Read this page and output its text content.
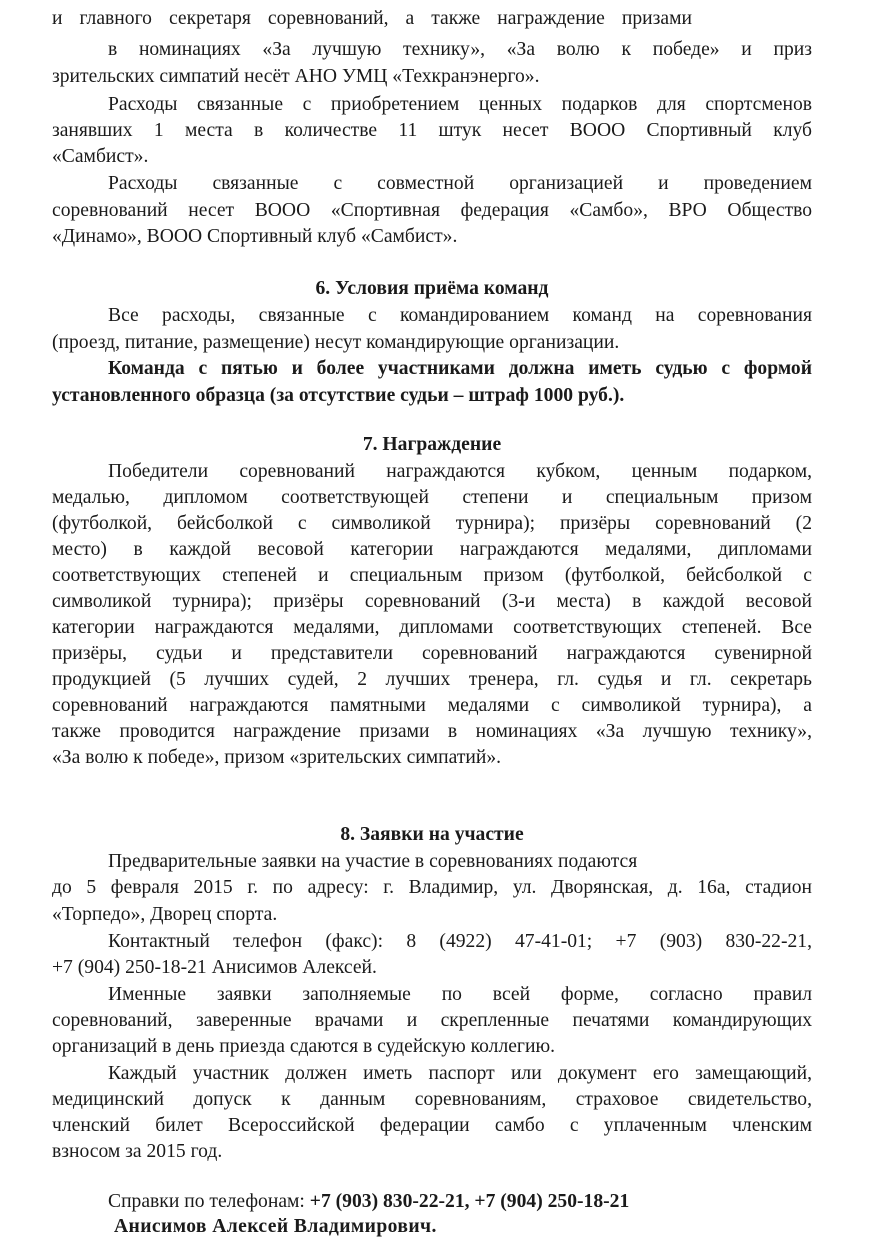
и главного секретаря соревнований, а также награждение призами
в номинациях «За лучшую технику», «За волю к победе» и приз
зрительских симпатий несёт АНО УМЦ «Техкранэнерго».
Расходы связанные с приобретением ценных подарков для спортсменов
занявших 1 места в количестве 11 штук несет ВООО Спортивный клуб
«Самбист».
Расходы связанные с совместной организацией и проведением
соревнований несет ВООО «Спортивная федерация «Самбо», ВРО Общество
«Динамо», ВООО Спортивный клуб «Самбист».
6. Условия приёма команд
Все расходы, связанные с командированием команд на соревнования
(проезд, питание, размещение) несут командирующие организации.
Команда с пятью и более участниками должна иметь судью с формой
установленного образца (за отсутствие судьи – штраф 1000 руб.).
7. Награждение
Победители соревнований награждаются кубком, ценным подарком,
медалью, дипломом соответствующей степени и специальным призом
(футболкой, бейсболкой с символикой турнира); призёры соревнований (2
место) в каждой весовой категории награждаются медалями, дипломами
соответствующих степеней и специальным призом (футболкой, бейсболкой с
символикой турнира); призёры соревнований (3-и места) в каждой весовой
категории награждаются медалями, дипломами соответствующих степеней. Все
призёры, судьи и представители соревнований награждаются сувенирной
продукцией (5 лучших судей, 2 лучших тренера, гл. судья и гл. секретарь
соревнований награждаются памятными медалями с символикой турнира), а
также проводится награждение призами в номинациях «За лучшую технику»,
«За волю к победе», призом «зрительских симпатий».
8. Заявки на участие
Предварительные заявки на участие в соревнованиях подаются
до 5 февраля 2015 г. по адресу: г. Владимир, ул. Дворянская, д. 16а, стадион
«Торпедо», Дворец спорта.
Контактный телефон (факс): 8 (4922) 47-41-01; +7 (903) 830-22-21,
+7 (904) 250-18-21 Анисимов Алексей.
Именные заявки заполняемые по всей форме, согласно правил
соревнований, заверенные врачами и скрепленные печатями командирующих
организаций в день приезда сдаются в судейскую коллегию.
Каждый участник должен иметь паспорт или документ его замещающий,
медицинский допуск к данным соревнованиям, страховое свидетельство,
членский билет Всероссийской федерации самбо с уплаченным членским
взносом за 2015 год.
Справки по телефонам: +7 (903) 830-22-21, +7 (904) 250-18-21
Анисимов Алексей Владимирович.
